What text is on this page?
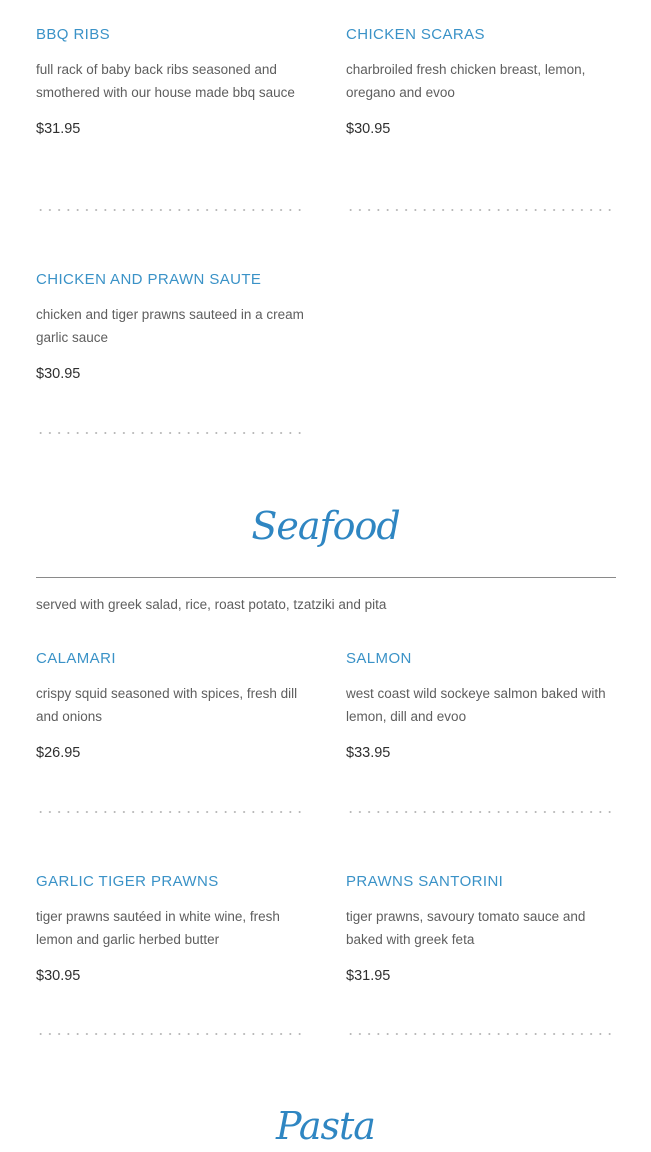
BBQ RIBS

full rack of baby back ribs seasoned and smothered with our house made bbq sauce

$31.95

CHICKEN SCARAS

charbroiled fresh chicken breast, lemon, oregano and evoo

$30.95

CHICKEN AND PRAWN SAUTE

chicken and tiger prawns sauteed in a cream garlic sauce

$30.95

Seafood

served with greek salad, rice, roast potato, tzatziki and pita

CALAMARI

crispy squid seasoned with spices, fresh dill and onions

$26.95

SALMON

west coast wild sockeye salmon baked with lemon, dill and evoo

$33.95

GARLIC TIGER PRAWNS

tiger prawns sautéed in white wine, fresh lemon and garlic herbed butter

$30.95

PRAWNS SANTORINI

tiger prawns, savoury tomato sauce and baked with greek feta

$31.95

Pasta
